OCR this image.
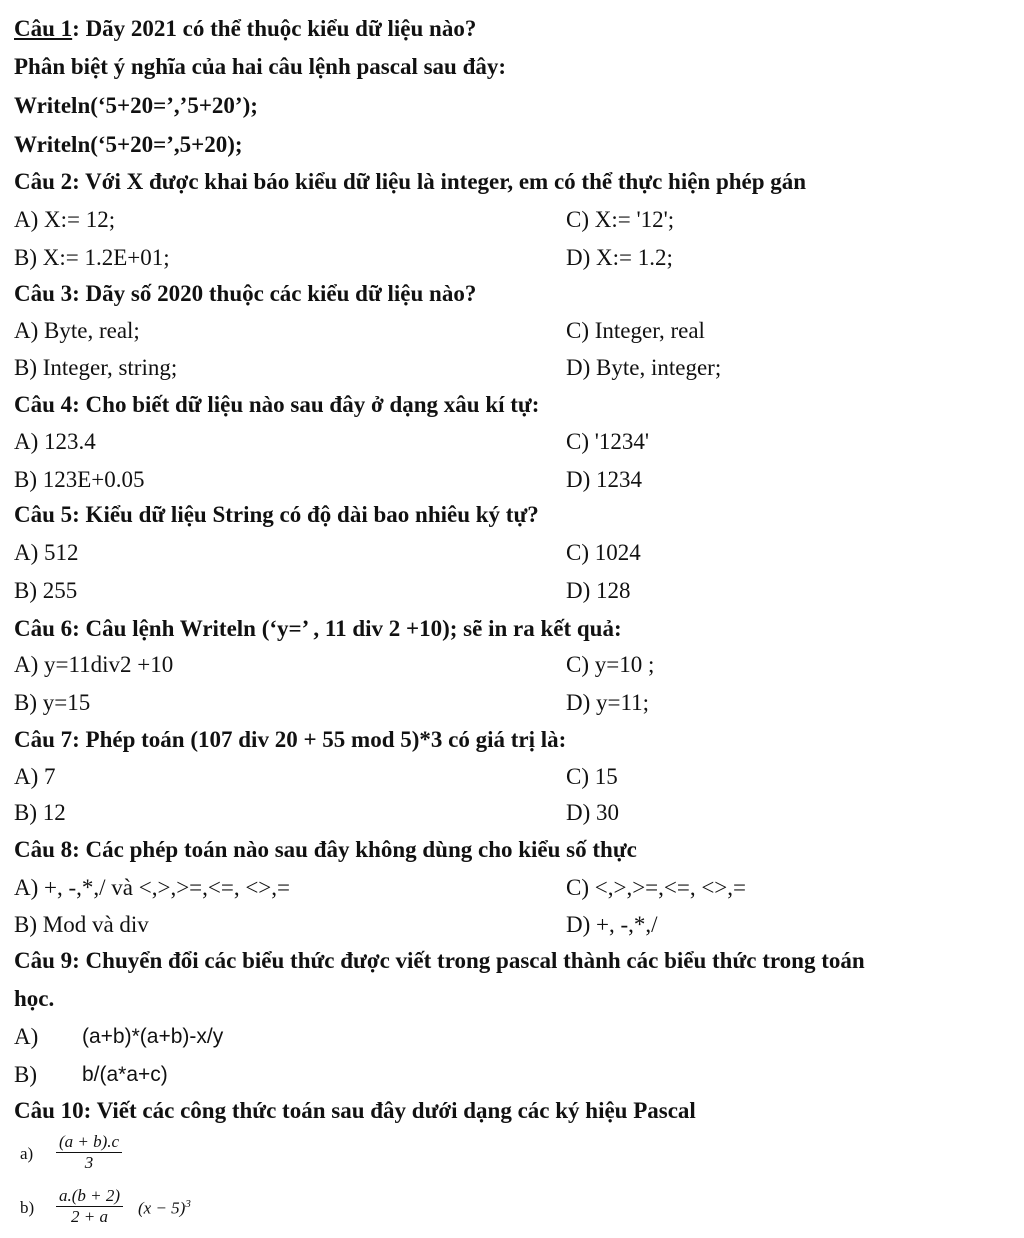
Câu 1: Dãy 2021 có thể thuộc kiểu dữ liệu nào?
Phân biệt ý nghĩa của hai câu lệnh pascal sau đây:
Writeln(‘5+20=’,’5+20’);
Writeln(‘5+20=’,5+20);
Câu 2: Với X được khai báo kiểu dữ liệu là integer, em có thể thực hiện phép gán
A) X:= 12;	C) X:= '12';
B) X:= 1.2E+01;	D) X:= 1.2;
Câu 3: Dãy số 2020 thuộc các kiểu dữ liệu nào?
A) Byte, real;	C) Integer, real
B) Integer, string;	D) Byte, integer;
Câu 4: Cho biết dữ liệu nào sau đây ở dạng xâu kí tự:
A) 123.4	C) '1234'
B) 123E+0.05	D) 1234
Câu 5: Kiểu dữ liệu String có độ dài bao nhiêu ký tự?
A) 512	C) 1024
B) 255	D) 128
Câu 6: Câu lệnh Writeln (‘y=’ , 11 div 2 +10); sẽ in ra kết quả:
A) y=11div2 +10	C) y=10 ;
B) y=15	D) y=11;
Câu 7: Phép toán (107 div 20 + 55 mod 5)*3 có giá trị là:
A) 7	C) 15
B) 12	D) 30
Câu 8: Các phép toán nào sau đây không dùng cho kiểu số thực
A) +, -,*,/ và <,>,>=,<=, <>,=	C) <,>,>=,<=, <>,=
B) Mod và div	D) +, -,*,/
Câu 9: Chuyển đổi các biểu thức được viết trong pascal thành các biểu thức trong toán
học.
A) (a+b)*(a+b)-x/y
B) b/(a*a+c)
Câu 10: Viết các công thức toán sau đây dưới dạng các ký hiệu Pascal
$a) \frac{(a + b).c}{3}$
$b) \frac{a.(b + 2)}{2 + a} (x - 5)^3$
